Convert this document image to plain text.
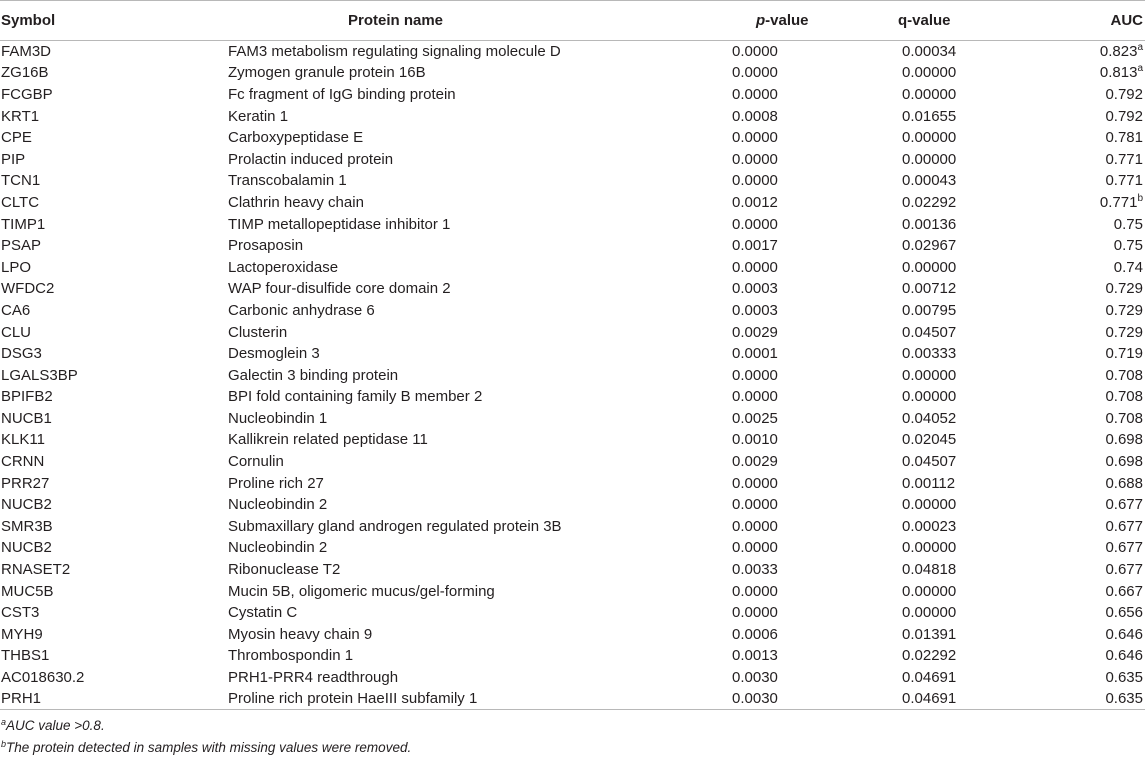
Symbol	Protein name	p-value	q-value	AUC
FAM3D	FAM3 metabolism regulating signaling molecule D	0.0000	0.00034	0.823$^a$
ZG16B	Zymogen granule protein 16B	0.0000	0.00000	0.813$^a$
FCGBP	Fc fragment of IgG binding protein	0.0000	0.00000	0.792
KRT1	Keratin 1	0.0008	0.01655	0.792
CPE	Carboxypeptidase E	0.0000	0.00000	0.781
PIP	Prolactin induced protein	0.0000	0.00000	0.771
TCN1	Transcobalamin 1	0.0000	0.00043	0.771
CLTC	Clathrin heavy chain	0.0012	0.02292	0.771$^b$
TIMP1	TIMP metallopeptidase inhibitor 1	0.0000	0.00136	0.75
PSAP	Prosaposin	0.0017	0.02967	0.75
LPO	Lactoperoxidase	0.0000	0.00000	0.74
WFDC2	WAP four-disulfide core domain 2	0.0003	0.00712	0.729
CA6	Carbonic anhydrase 6	0.0003	0.00795	0.729
CLU	Clusterin	0.0029	0.04507	0.729
DSG3	Desmoglein 3	0.0001	0.00333	0.719
LGALS3BP	Galectin 3 binding protein	0.0000	0.00000	0.708
BPIFB2	BPI fold containing family B member 2	0.0000	0.00000	0.708
NUCB1	Nucleobindin 1	0.0025	0.04052	0.708
KLK11	Kallikrein related peptidase 11	0.0010	0.02045	0.698
CRNN	Cornulin	0.0029	0.04507	0.698
PRR27	Proline rich 27	0.0000	0.00112	0.688
NUCB2	Nucleobindin 2	0.0000	0.00000	0.677
SMR3B	Submaxillary gland androgen regulated protein 3B	0.0000	0.00023	0.677
NUCB2	Nucleobindin 2	0.0000	0.00000	0.677
RNASET2	Ribonuclease T2	0.0033	0.04818	0.677
MUC5B	Mucin 5B, oligomeric mucus/gel-forming	0.0000	0.00000	0.667
CST3	Cystatin C	0.0000	0.00000	0.656
MYH9	Myosin heavy chain 9	0.0006	0.01391	0.646
THBS1	Thrombospondin 1	0.0013	0.02292	0.646
AC018630.2	PRH1-PRR4 readthrough	0.0030	0.04691	0.635
PRH1	Proline rich protein HaeIII subfamily 1	0.0030	0.04691	0.635
$^a$AUC value >0.8.
$^b$The protein detected in samples with missing values were removed.
